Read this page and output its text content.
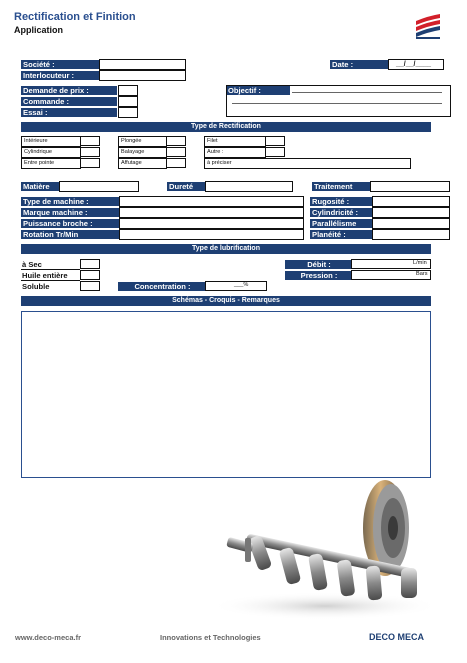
Rectification et Finition
Application
Société :
Interlocuteur :
Date :	__/__/____
Demande de prix :
Commande :
Essai :
Objectif :
Type de Rectification
Intérieure
Cylindrique
Entre pointe
Plongée
Balayage
Affutage
Filet
Autre :
à préciser
Matière	Dureté	Traitement
Type de machine :
Marque machine :
Puissance broche :
Rotation Tr/Min
Rugosité :
Cylindricité :
Parallélisme
Planéité :
Type de lubrification
à Sec
Huile entière
Soluble	Concentration :	___%
Débit :	L/min
Pression :	Bars
Schémas - Croquis - Remarques
www.deco-meca.fr	Innovations et Technologies	DECO MECA
